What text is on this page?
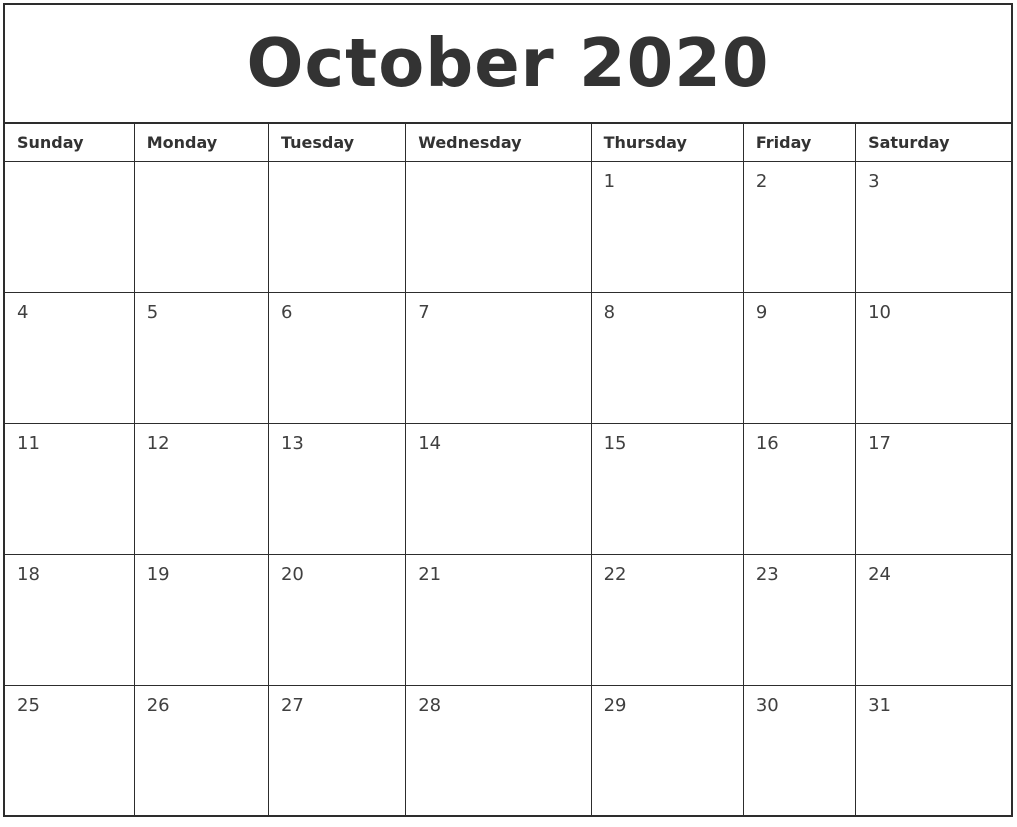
October 2020						
Sunday	Monday	Tuesday	Wednesday	Thursday	Friday	Saturday
				1	2	3
4	5	6	7	8	9	10
11	12	13	14	15	16	17
18	19	20	21	22	23	24
25	26	27	28	29	30	31
